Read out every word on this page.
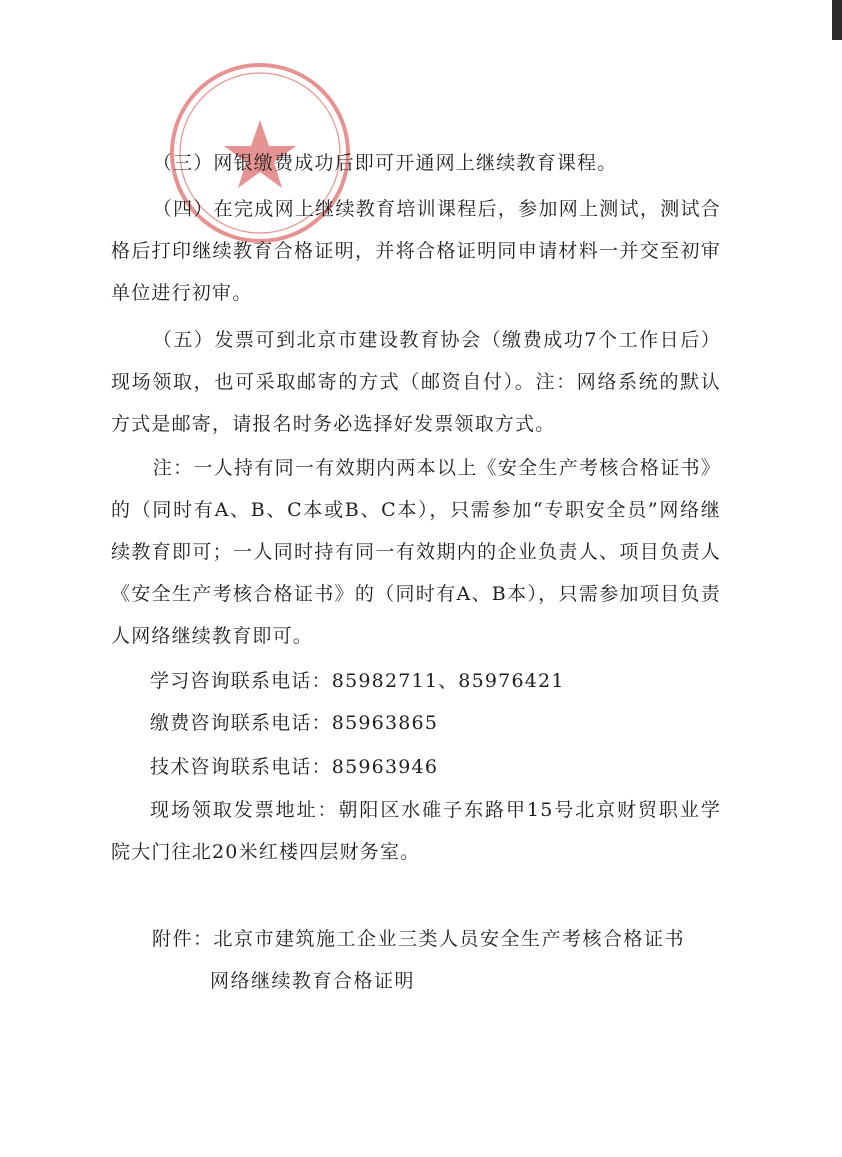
（三）网银缴费成功后即可开通网上继续教育课程。

（四）在完成网上继续教育培训课程后，参加网上测试，测试合格后打印继续教育合格证明，并将合格证明同申请材料一并交至初审单位进行初审。

（五）发票可到北京市建设教育协会（缴费成功7个工作日后）现场领取，也可采取邮寄的方式（邮资自付）。注：网络系统的默认方式是邮寄，请报名时务必选择好发票领取方式。

注：一人持有同一有效期内两本以上《安全生产考核合格证书》的（同时有A、B、C本或B、C本），只需参加“专职安全员”网络继续教育即可；一人同时持有同一有效期内的企业负责人、项目负责人《安全生产考核合格证书》的（同时有A、B本），只需参加项目负责人网络继续教育即可。

学习咨询联系电话：85982711、85976421
缴费咨询联系电话：85963865
技术咨询联系电话：85963946

现场领取发票地址：朝阳区水碓子东路甲15号北京财贸职业学院大门往北20米红楼四层财务室。

附件：北京市建筑施工企业三类人员安全生产考核合格证书
网络继续教育合格证明
